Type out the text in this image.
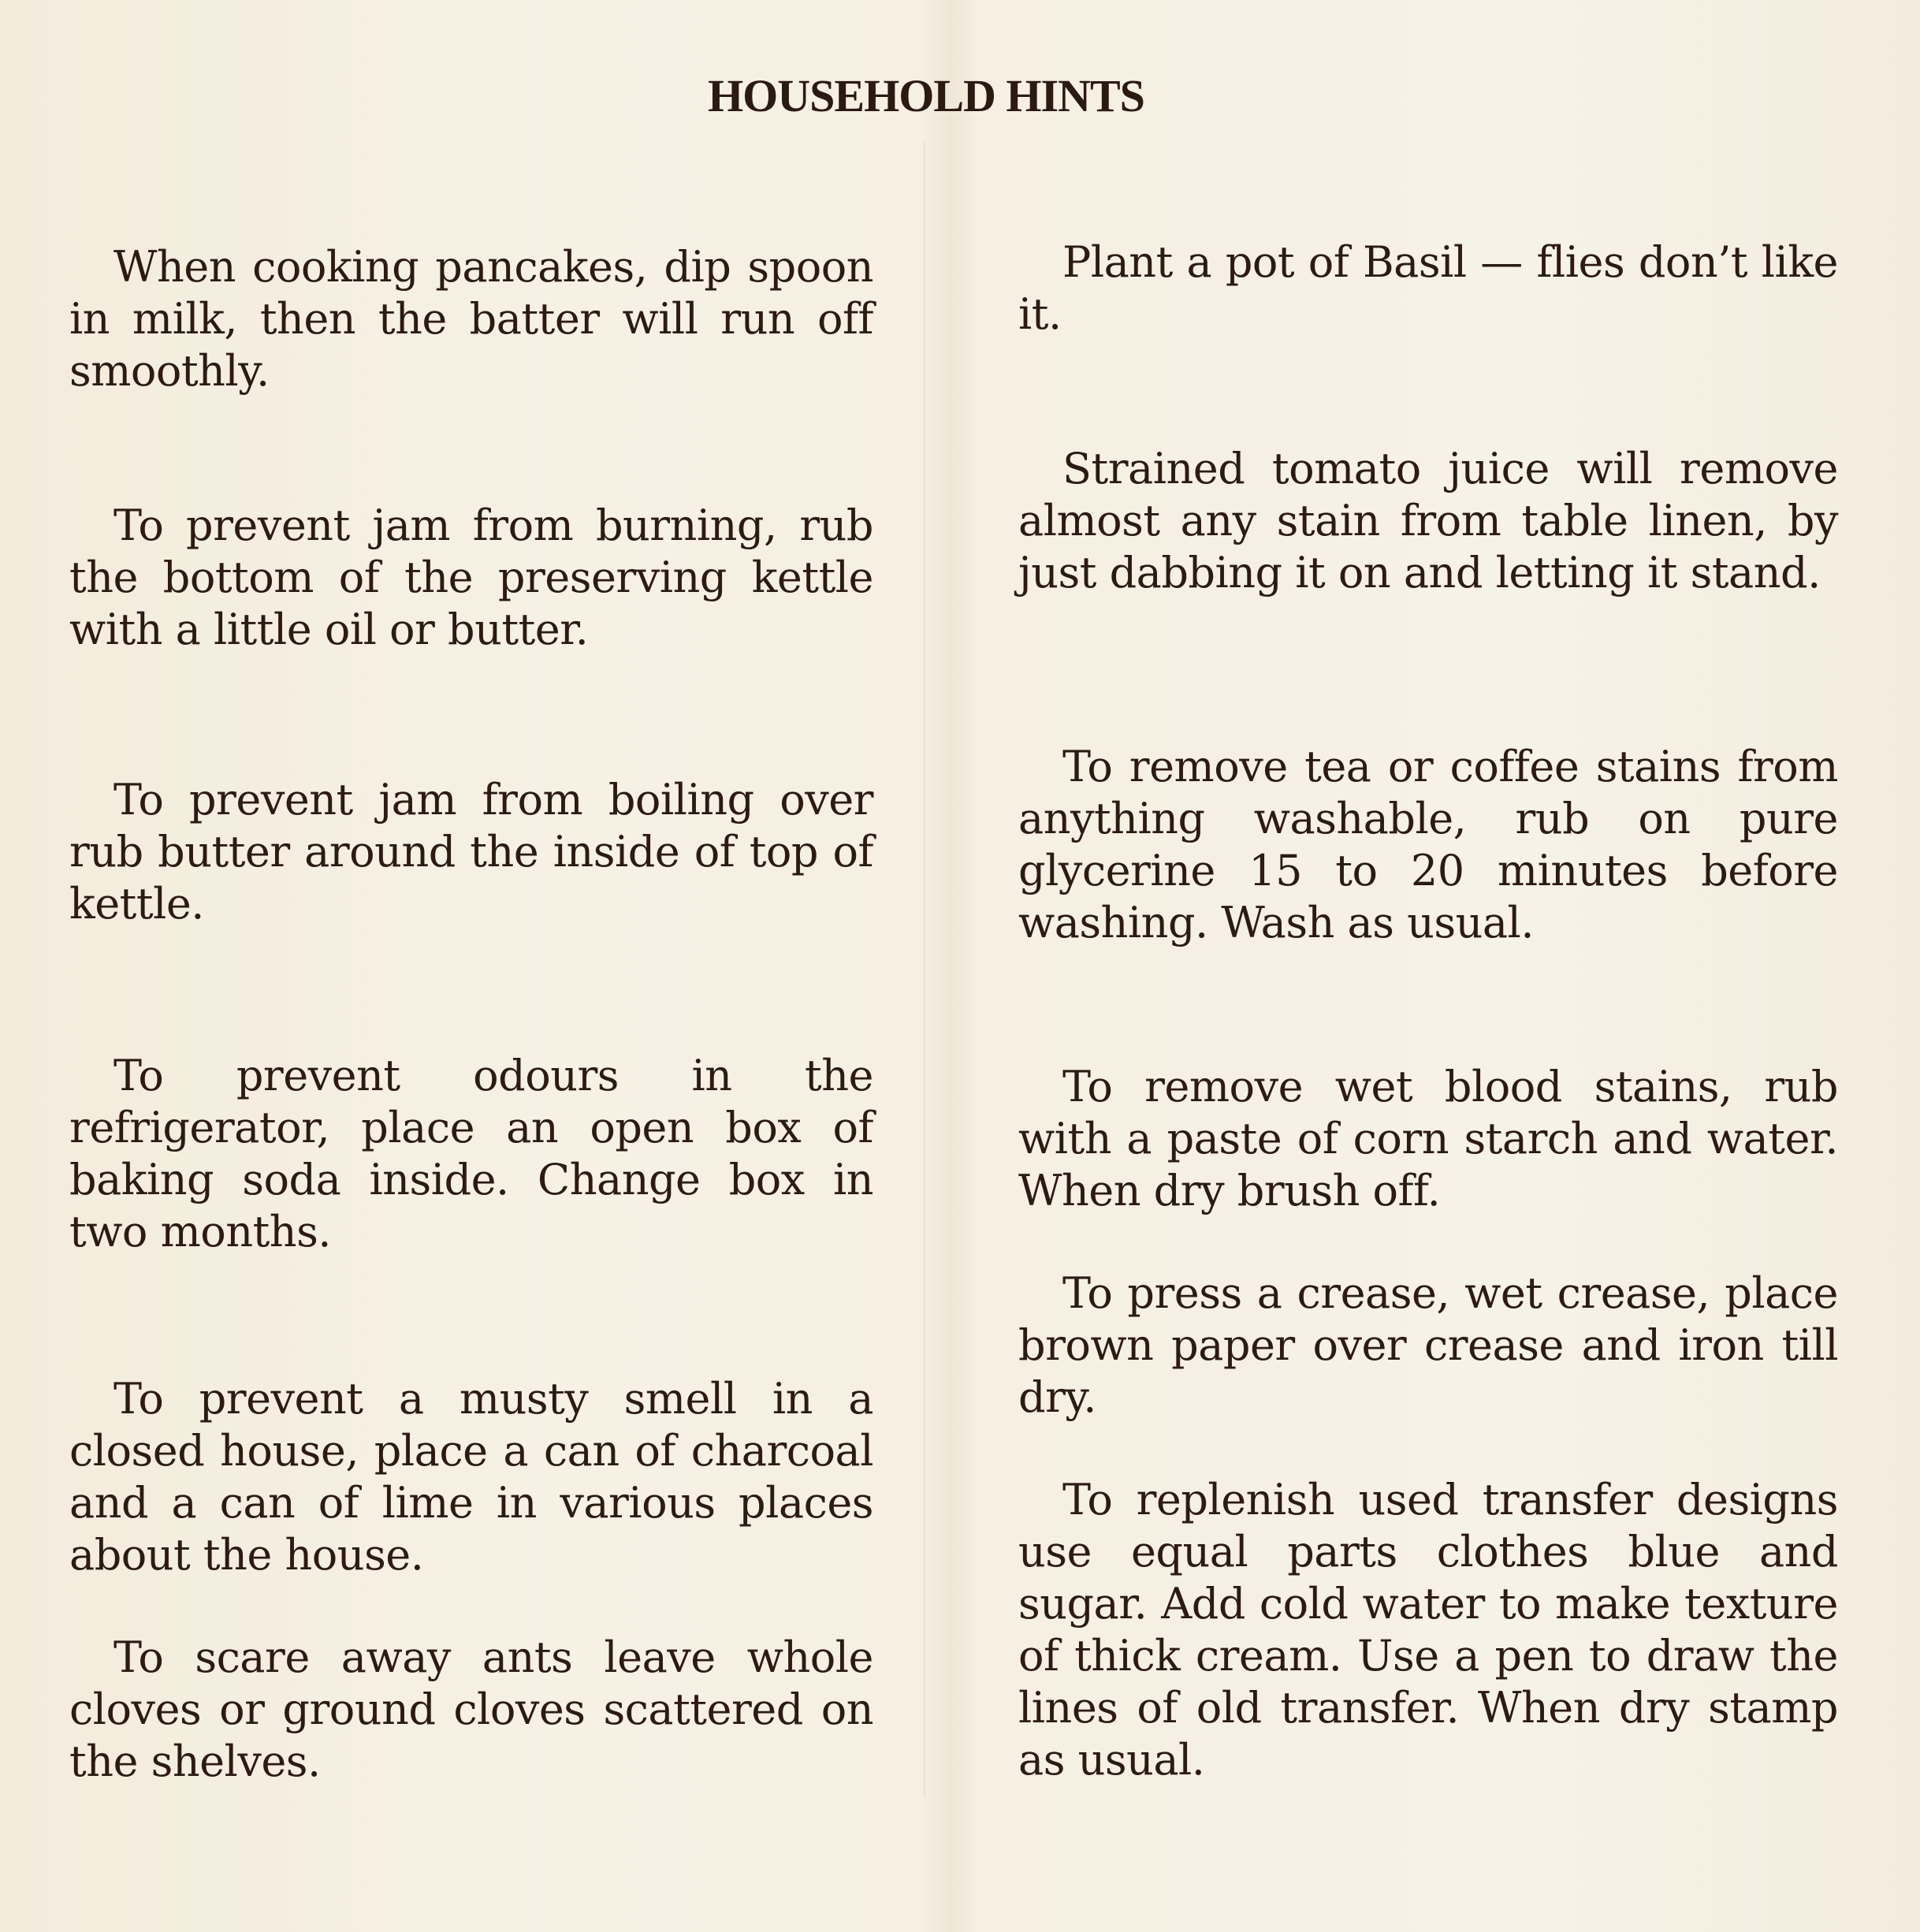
HOUSEHOLD HINTS

When cooking pancakes, dip spoon in milk, then the batter will run off smoothly.

To prevent jam from burning, rub the bottom of the preserving kettle with a little oil or butter.

To prevent jam from boiling over rub butter around the inside of top of kettle.

To prevent odours in the refrigerator, place an open box of baking soda inside. Change box in two months.

To prevent a musty smell in a closed house, place a can of charcoal and a can of lime in various places about the house.

To scare away ants leave whole cloves or ground cloves scattered on the shelves.

Plant a pot of Basil — flies don’t like it.

Strained tomato juice will remove almost any stain from table linen, by just dabbing it on and letting it stand.

To remove tea or coffee stains from anything washable, rub on pure glycerine 15 to 20 minutes before washing. Wash as usual.

To remove wet blood stains, rub with a paste of corn starch and water. When dry brush off.

To press a crease, wet crease, place brown paper over crease and iron till dry.

To replenish used transfer designs use equal parts clothes blue and sugar. Add cold water to make texture of thick cream. Use a pen to draw the lines of old transfer. When dry stamp as usual.
